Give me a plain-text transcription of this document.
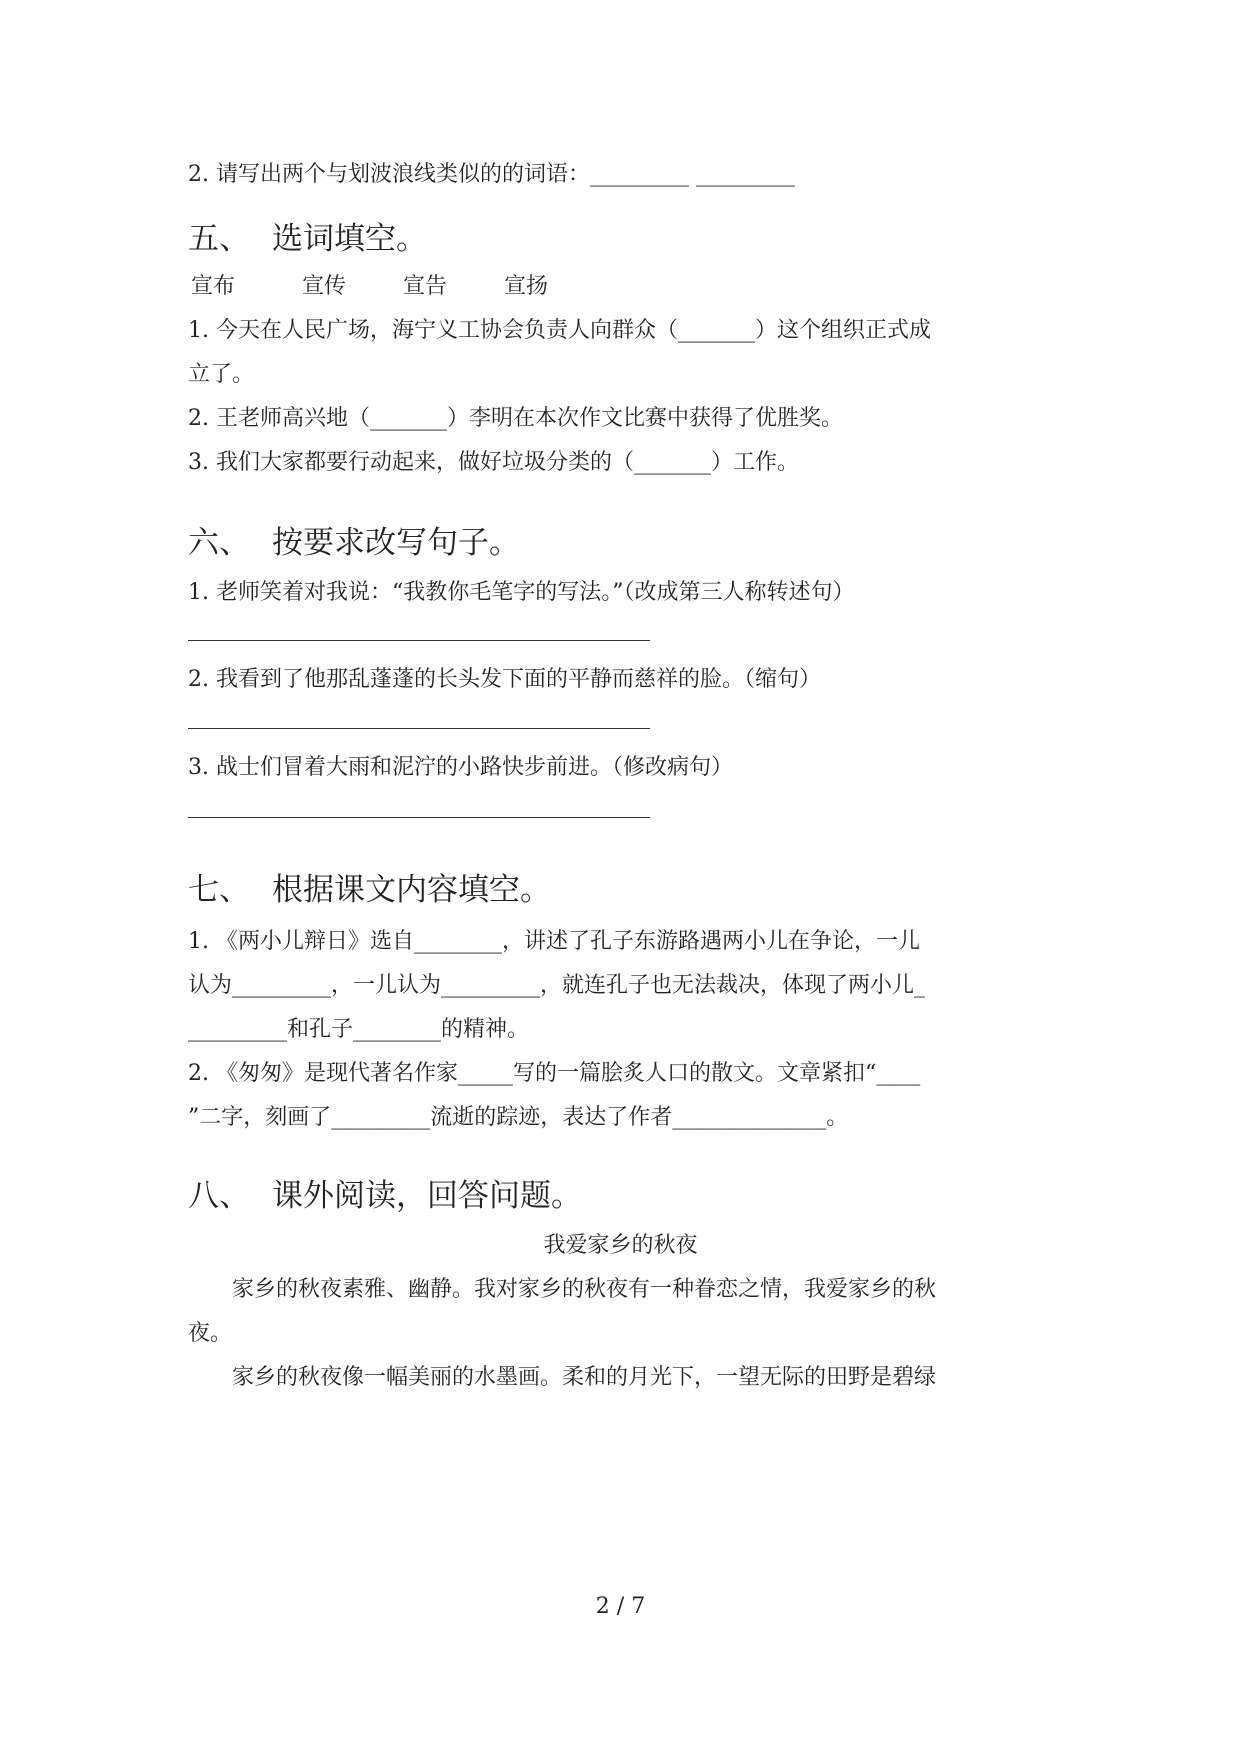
2. 请写出两个与划波浪线类似的的词语：_________ _________
五、 选词填空。
宣布	宣传	宣告	宣扬
1. 今天在人民广场，海宁义工协会负责人向群众（_______）这个组织正式成
立了。
2. 王老师高兴地（_______）李明在本次作文比赛中获得了优胜奖。
3. 我们大家都要行动起来，做好垃圾分类的（_______）工作。
六、 按要求改写句子。
1. 老师笑着对我说：“我教你毛笔字的写法。”（改成第三人称转述句）
2. 我看到了他那乱蓬蓬的长头发下面的平静而慈祥的脸。（缩句）
3. 战士们冒着大雨和泥泞的小路快步前进。（修改病句）
七、 根据课文内容填空。
1. 《两小儿辩日》选自________，讲述了孔子东游路遇两小儿在争论，一儿
认为_________，一儿认为_________，就连孔子也无法裁决，体现了两小儿_
_________和孔子________的精神。
2. 《匆匆》是现代著名作家_____写的一篇脍炙人口的散文。文章紧扣“____
”二字，刻画了_________流逝的踪迹，表达了作者______________。
八、 课外阅读，回答问题。
我爱家乡的秋夜
家乡的秋夜素雅、幽静。我对家乡的秋夜有一种眷恋之情，我爱家乡的秋
夜。
家乡的秋夜像一幅美丽的水墨画。柔和的月光下，一望无际的田野是碧绿
2 / 7
